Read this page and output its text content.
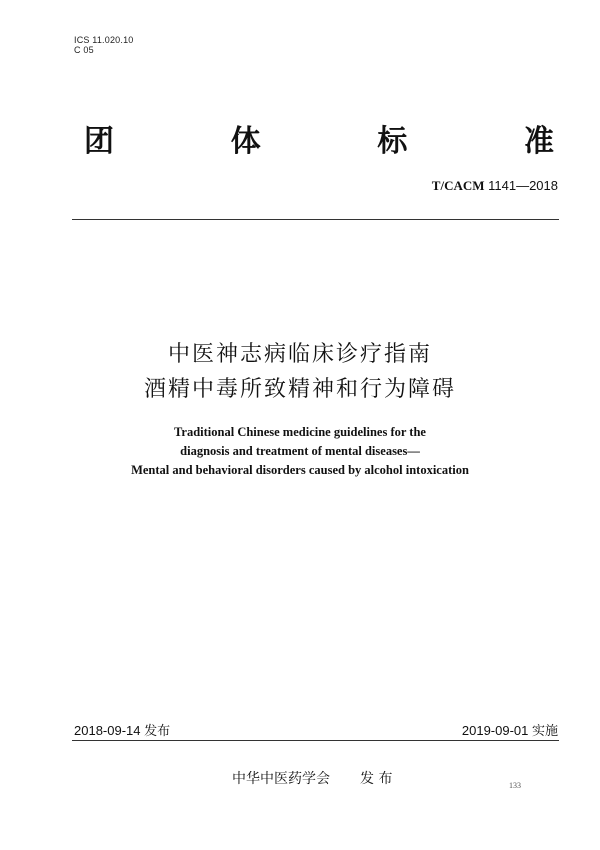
ICS 11.020.10
C 05
团	体	标	准
T/CACM 1141—2018
中医神志病临床诊疗指南
酒精中毒所致精神和行为障碍
Traditional Chinese medicine guidelines for the
diagnosis and treatment of mental diseases—
Mental and behavioral disorders caused by alcohol intoxication
2018-09-14 发布	2019-09-01 实施
中华中医药学会 发 布	133
